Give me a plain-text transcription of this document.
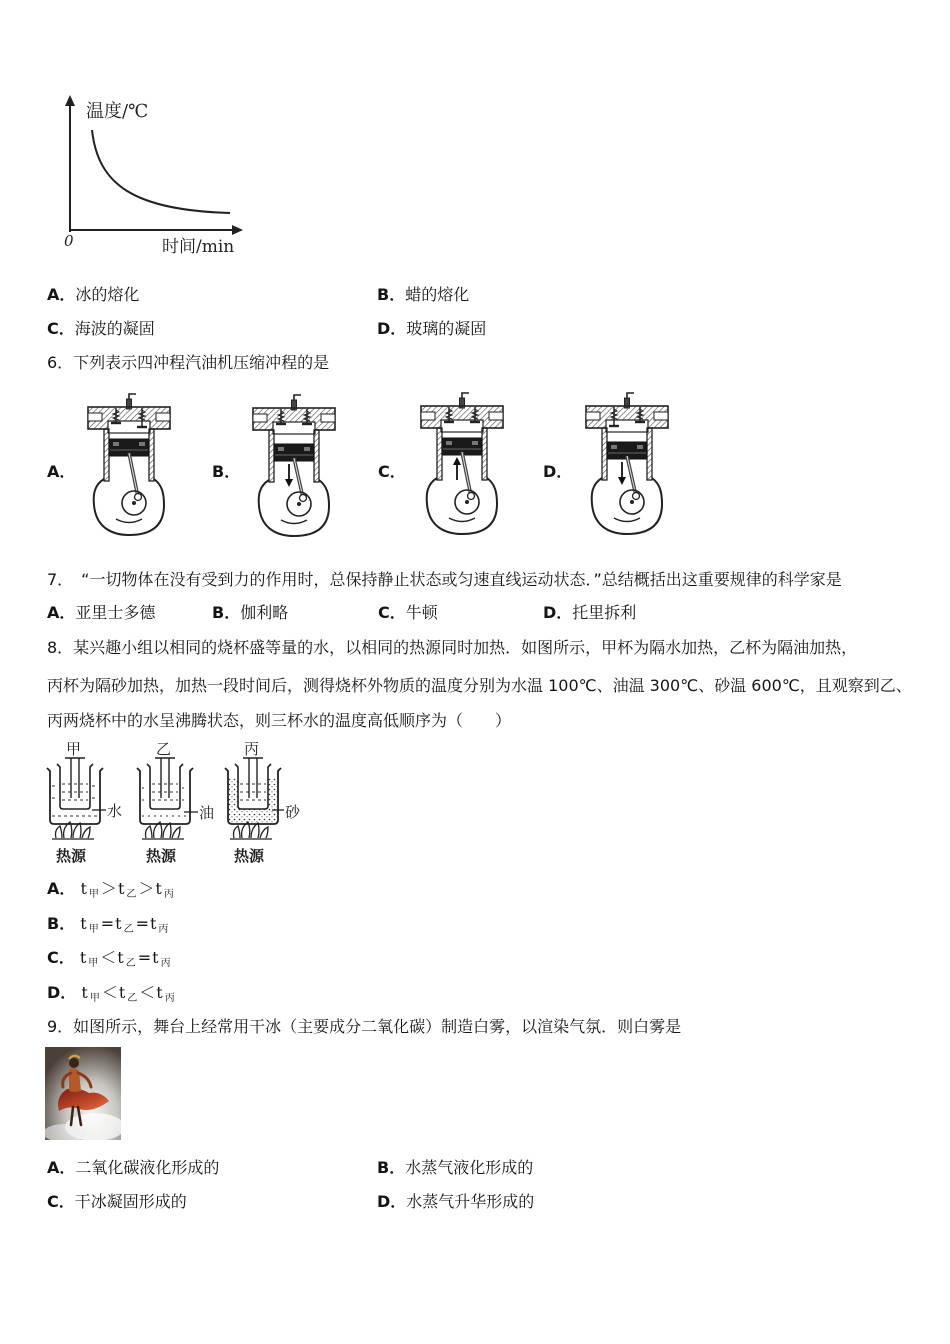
温度/℃
0	时间/min
A．冰的熔化	B．蜡的熔化
C．海波的凝固	D．玻璃的凝固
6．下列表示四冲程汽油机压缩冲程的是
A．	B．	C．	D．
7．　“一切物体在没有受到力的作用时，总保持静止状态或匀速直线运动状态．”总结概括出这重要规律的科学家是
A．亚里士多德	B．伽利略	C．牛顿	D．托里拆利
8．某兴趣小组以相同的烧杯盛等量的水，以相同的热源同时加热．如图所示，甲杯为隔水加热，乙杯为隔油加热，
丙杯为隔砂加热，加热一段时间后，测得烧杯外物质的温度分别为水温 100℃、油温 300℃、砂温 600℃，且观察到乙、
丙两烧杯中的水呈沸腾状态，则三杯水的温度高低顺序为（　　）
甲
水
热源
乙
油
热源
丙
砂
热源
A． t $_甲$ ＞t $_乙$ ＞t $_丙$
B． t $_甲$ =t $_乙$ =t $_丙$
C． t $_甲$ ＜t $_乙$ =t $_丙$
D． t $_甲$ ＜t $_乙$ ＜t $_丙$
9．如图所示，舞台上经常用干冰（主要成分二氧化碳）制造白雾，以渲染气氛．则白雾是
A．二氧化碳液化形成的	B．水蒸气液化形成的
C．干冰凝固形成的	D．水蒸气升华形成的
